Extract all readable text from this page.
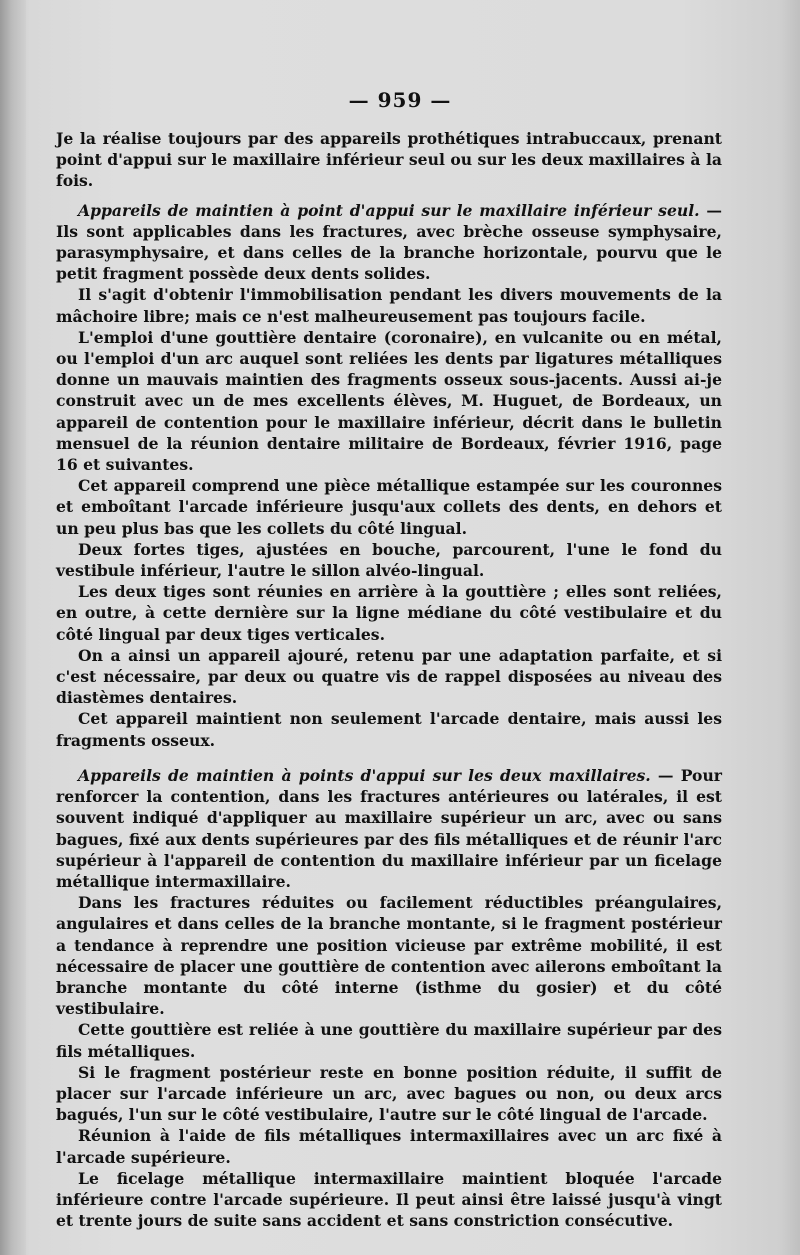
— 959 —

Je la réalise toujours par des appareils prothétiques intrabuccaux, prenant point d'appui sur le maxillaire inférieur seul ou sur les deux maxillaires à la fois.

Appareils de maintien à point d'appui sur le maxillaire inférieur seul. — Ils sont applicables dans les fractures, avec brèche osseuse symphysaire, parasymphysaire, et dans celles de la branche horizontale, pourvu que le petit fragment possède deux dents solides.

Il s'agit d'obtenir l'immobilisation pendant les divers mouvements de la mâchoire libre; mais ce n'est malheureusement pas toujours facile.

L'emploi d'une gouttière dentaire (coronaire), en vulcanite ou en métal, ou l'emploi d'un arc auquel sont reliées les dents par ligatures métalliques donne un mauvais maintien des fragments osseux sous-jacents. Aussi ai-je construit avec un de mes excellents élèves, M. Huguet, de Bordeaux, un appareil de contention pour le maxillaire inférieur, décrit dans le bulletin mensuel de la réunion dentaire militaire de Bordeaux, février 1916, page 16 et suivantes.

Cet appareil comprend une pièce métallique estampée sur les couronnes et emboîtant l'arcade inférieure jusqu'aux collets des dents, en dehors et un peu plus bas que les collets du côté lingual.

Deux fortes tiges, ajustées en bouche, parcourent, l'une le fond du vestibule inférieur, l'autre le sillon alvéo-lingual.

Les deux tiges sont réunies en arrière à la gouttière ; elles sont reliées, en outre, à cette dernière sur la ligne médiane du côté vestibulaire et du côté lingual par deux tiges verticales.

On a ainsi un appareil ajouré, retenu par une adaptation parfaite, et si c'est nécessaire, par deux ou quatre vis de rappel disposées au niveau des diastèmes dentaires.

Cet appareil maintient non seulement l'arcade dentaire, mais aussi les fragments osseux.

Appareils de maintien à points d'appui sur les deux maxillaires. — Pour renforcer la contention, dans les fractures antérieures ou latérales, il est souvent indiqué d'appliquer au maxillaire supérieur un arc, avec ou sans bagues, fixé aux dents supérieures par des fils métalliques et de réunir l'arc supérieur à l'appareil de contention du maxillaire inférieur par un ficelage métallique intermaxillaire.

Dans les fractures réduites ou facilement réductibles préangulaires, angulaires et dans celles de la branche montante, si le fragment postérieur a tendance à reprendre une position vicieuse par extrême mobilité, il est nécessaire de placer une gouttière de contention avec ailerons emboîtant la branche montante du côté interne (isthme du gosier) et du côté vestibulaire.

Cette gouttière est reliée à une gouttière du maxillaire supérieur par des fils métalliques.

Si le fragment postérieur reste en bonne position réduite, il suffit de placer sur l'arcade inférieure un arc, avec bagues ou non, ou deux arcs bagués, l'un sur le côté vestibulaire, l'autre sur le côté lingual de l'arcade.

Réunion à l'aide de fils métalliques intermaxillaires avec un arc fixé à l'arcade supérieure.

Le ficelage métallique intermaxillaire maintient bloquée l'arcade inférieure contre l'arcade supérieure. Il peut ainsi être laissé jusqu'à vingt et trente jours de suite sans accident et sans constriction consécutive.
